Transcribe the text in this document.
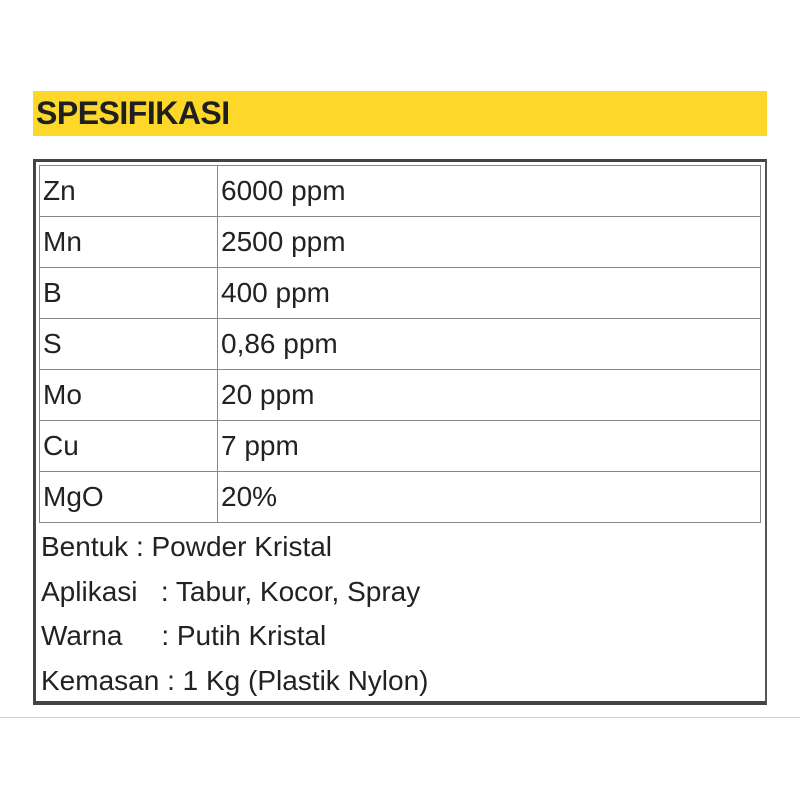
SPESIFIKASI
Zn	6000 ppm
Mn	2500 ppm
B	400 ppm
S	0,86 ppm
Mo	20 ppm
Cu	7 ppm
MgO	20%
Bentuk : Powder Kristal
Aplikasi   : Tabur, Kocor, Spray
Warna     : Putih Kristal
Kemasan : 1 Kg (Plastik Nylon)
